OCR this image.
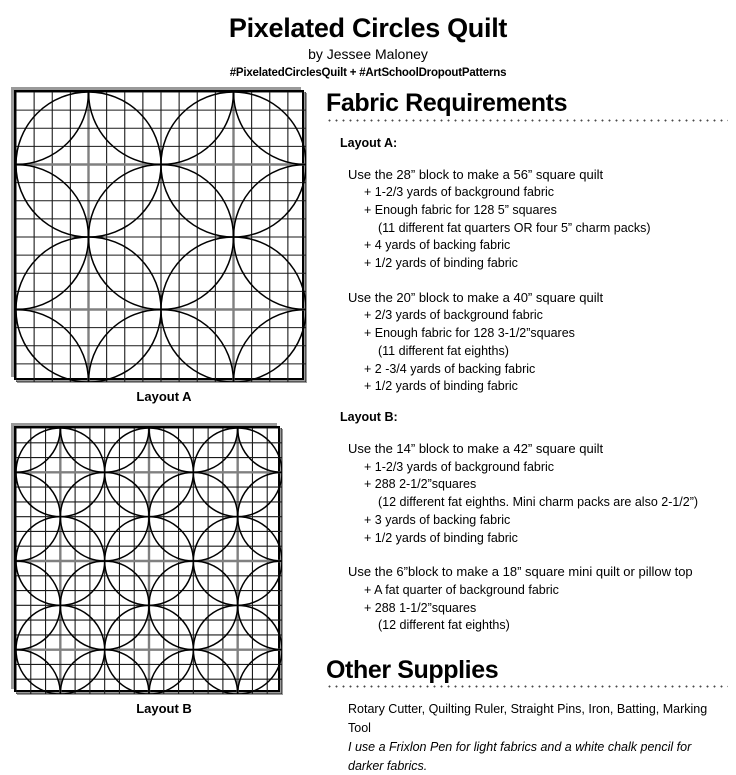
Pixelated Circles Quilt
by Jessee Maloney
#PixelatedCirclesQuilt + #ArtSchoolDropoutPatterns
Layout A
Layout B
Fabric Requirements
Layout A:
Use the 28” block to make a 56” square quilt
+ 1-2/3 yards of background fabric
+ Enough fabric for 128 5” squares
(11 different fat quarters OR four 5” charm packs)
+ 4 yards of backing fabric
+ 1/2 yards of binding fabric
Use the 20” block to make a 40” square quilt
+ 2/3 yards of background fabric
+ Enough fabric for 128 3-1/2”squares
(11 different fat eighths)
+ 2 -3/4 yards of backing fabric
+ 1/2 yards of binding fabric
Layout B:
Use the 14” block to make a 42” square quilt
+ 1-2/3 yards of background fabric
+ 288 2-1/2”squares
(12 different fat eighths. Mini charm packs are also 2-1/2”)
+ 3 yards of backing fabric
+ 1/2 yards of binding fabric
Use the 6”block to make a 18” square mini quilt or pillow top
+ A fat quarter of background fabric
+ 288 1-1/2”squares
(12 different fat eighths)
Other Supplies
Rotary Cutter, Quilting Ruler, Straight Pins, Iron, Batting, Marking Tool
I use a Frixlon Pen for light fabrics and a white chalk pencil for darker fabrics.
